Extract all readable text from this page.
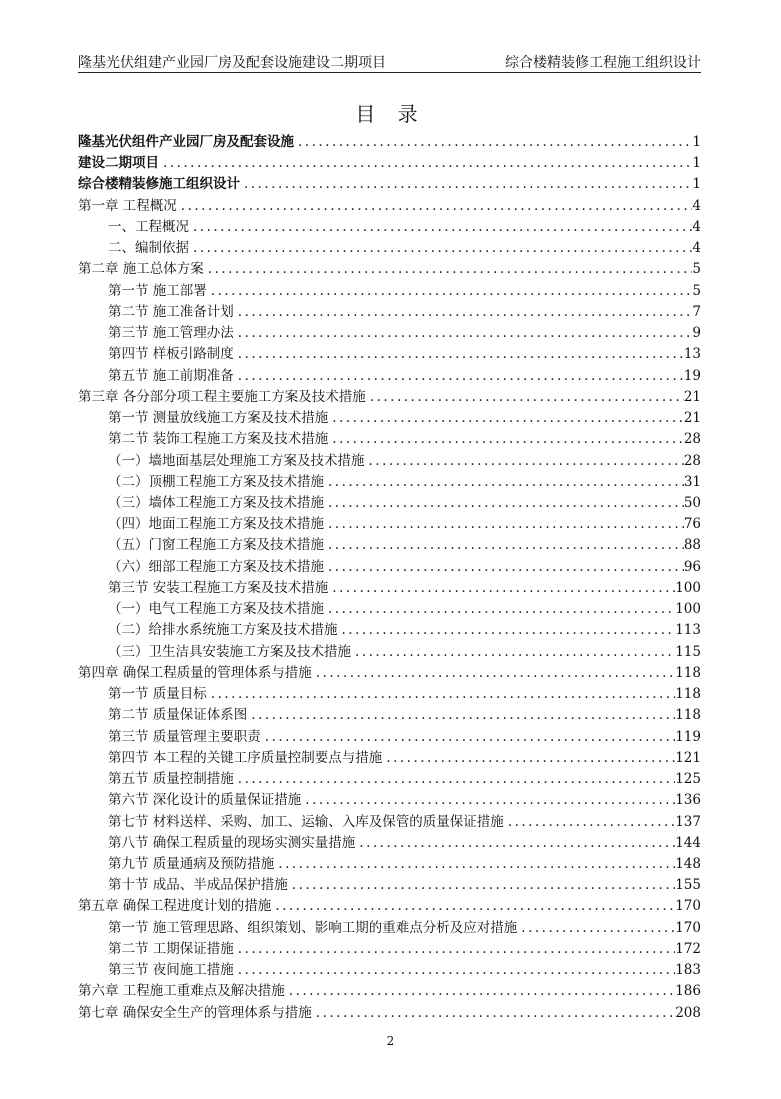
隆基光伏组建产业园厂房及配套设施建设二期项目	综合楼精装修工程施工组织设计
目 录
隆基光伏组件产业园厂房及配套设施 .....	1
建设二期项目 .....	1
综合楼精装修施工组织设计 .....	1
第一章 工程概况 .....	4
一、工程概况 .....	4
二、编制依据 .....	4
第二章 施工总体方案 .....	5
第一节 施工部署 .....	5
第二节 施工准备计划 .....	7
第三节 施工管理办法 .....	9
第四节 样板引路制度 .....	13
第五节 施工前期准备 .....	19
第三章 各分部分项工程主要施工方案及技术措施 .....	21
第一节 测量放线施工方案及技术措施 .....	21
第二节 装饰工程施工方案及技术措施 .....	28
（一）墙地面基层处理施工方案及技术措施 .....	28
（二）顶棚工程施工方案及技术措施 .....	31
（三）墙体工程施工方案及技术措施 .....	50
（四）地面工程施工方案及技术措施 .....	76
（五）门窗工程施工方案及技术措施 .....	88
（六）细部工程施工方案及技术措施 .....	96
第三节 安装工程施工方案及技术措施 .....	100
（一）电气工程施工方案及技术措施 .....	100
（二）给排水系统施工方案及技术措施 .....	113
（三）卫生洁具安装施工方案及技术措施 .....	115
第四章 确保工程质量的管理体系与措施 .....	118
第一节 质量目标 .....	118
第二节 质量保证体系图 .....	118
第三节 质量管理主要职责 .....	119
第四节 本工程的关键工序质量控制要点与措施 .....	121
第五节 质量控制措施 .....	125
第六节 深化设计的质量保证措施 .....	136
第七节 材料送样、采购、加工、运输、入库及保管的质量保证措施 .....	137
第八节 确保工程质量的现场实测实量措施 .....	144
第九节 质量通病及预防措施 .....	148
第十节 成品、半成品保护措施 .....	155
第五章 确保工程进度计划的措施 .....	170
第一节 施工管理思路、组织策划、影响工期的重难点分析及应对措施 .....	170
第二节 工期保证措施 .....	172
第三节 夜间施工措施 .....	183
第六章 工程施工重难点及解决措施 .....	186
第七章 确保安全生产的管理体系与措施 .....	208
2
